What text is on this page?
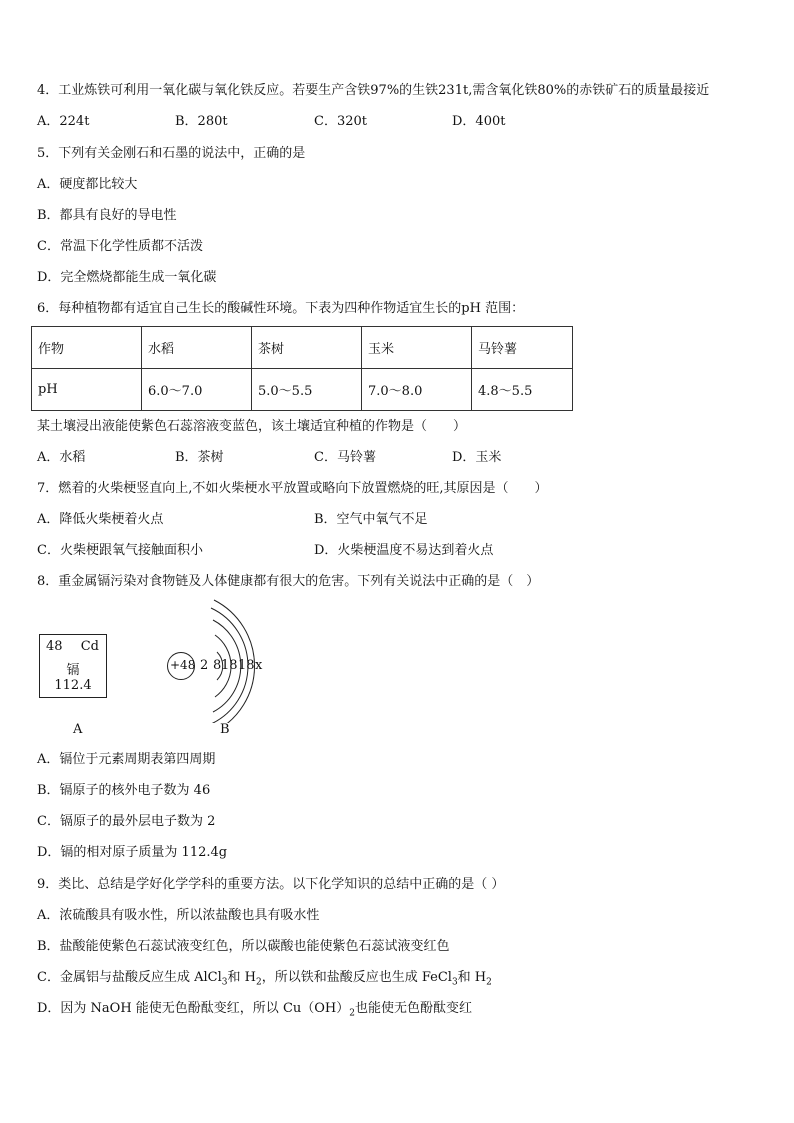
4．工业炼铁可利用一氧化碳与氧化铁反应。若要生产含铁97%的生铁231t,需含氧化铁80%的赤铁矿石的质量最接近
A．224t	B．280t	C．320t	D．400t
5．下列有关金刚石和石墨的说法中，正确的是
A．硬度都比较大
B．都具有良好的导电性
C．常温下化学性质都不活泼
D．完全燃烧都能生成一氧化碳
6．每种植物都有适宜自己生长的酸碱性环境。下表为四种作物适宜生长的pH 范围：
作物	水稻	茶树	玉米	马铃薯
pH	6.0～7.0	5.0～5.5	7.0～8.0	4.8～5.5
某土壤浸出液能使紫色石蕊溶液变蓝色，该土壤适宜种植的作物是（　　）
A．水稻	B．茶树	C．马铃薯	D．玉米
7．燃着的火柴梗竖直向上,不如火柴梗水平放置或略向下放置燃烧的旺,其原因是（　　）
A．降低火柴梗着火点	B．空气中氧气不足
C．火柴梗跟氧气接触面积小	D．火柴梗温度不易达到着火点
8．重金属镉污染对食物链及人体健康都有很大的危害。下列有关说法中正确的是（　）
48 Cd
镉
112.4
A
+48 2 8 18 18 x
B
A．镉位于元素周期表第四周期
B．镉原子的核外电子数为 46
C．镉原子的最外层电子数为 2
D．镉的相对原子质量为 112.4g
9．类比、总结是学好化学学科的重要方法。以下化学知识的总结中正确的是（ ）
A．浓硫酸具有吸水性，所以浓盐酸也具有吸水性
B．盐酸能使紫色石蕊试液变红色，所以碳酸也能使紫色石蕊试液变红色
C．金属铝与盐酸反应生成 AlCl$_3$和 $H_2$，所以铁和盐酸反应也生成 FeCl$_3$和 $H_2$
D．因为 NaOH 能使无色酚酞变红，所以 $Cu(OH)_2$也能使无色酚酞变红
